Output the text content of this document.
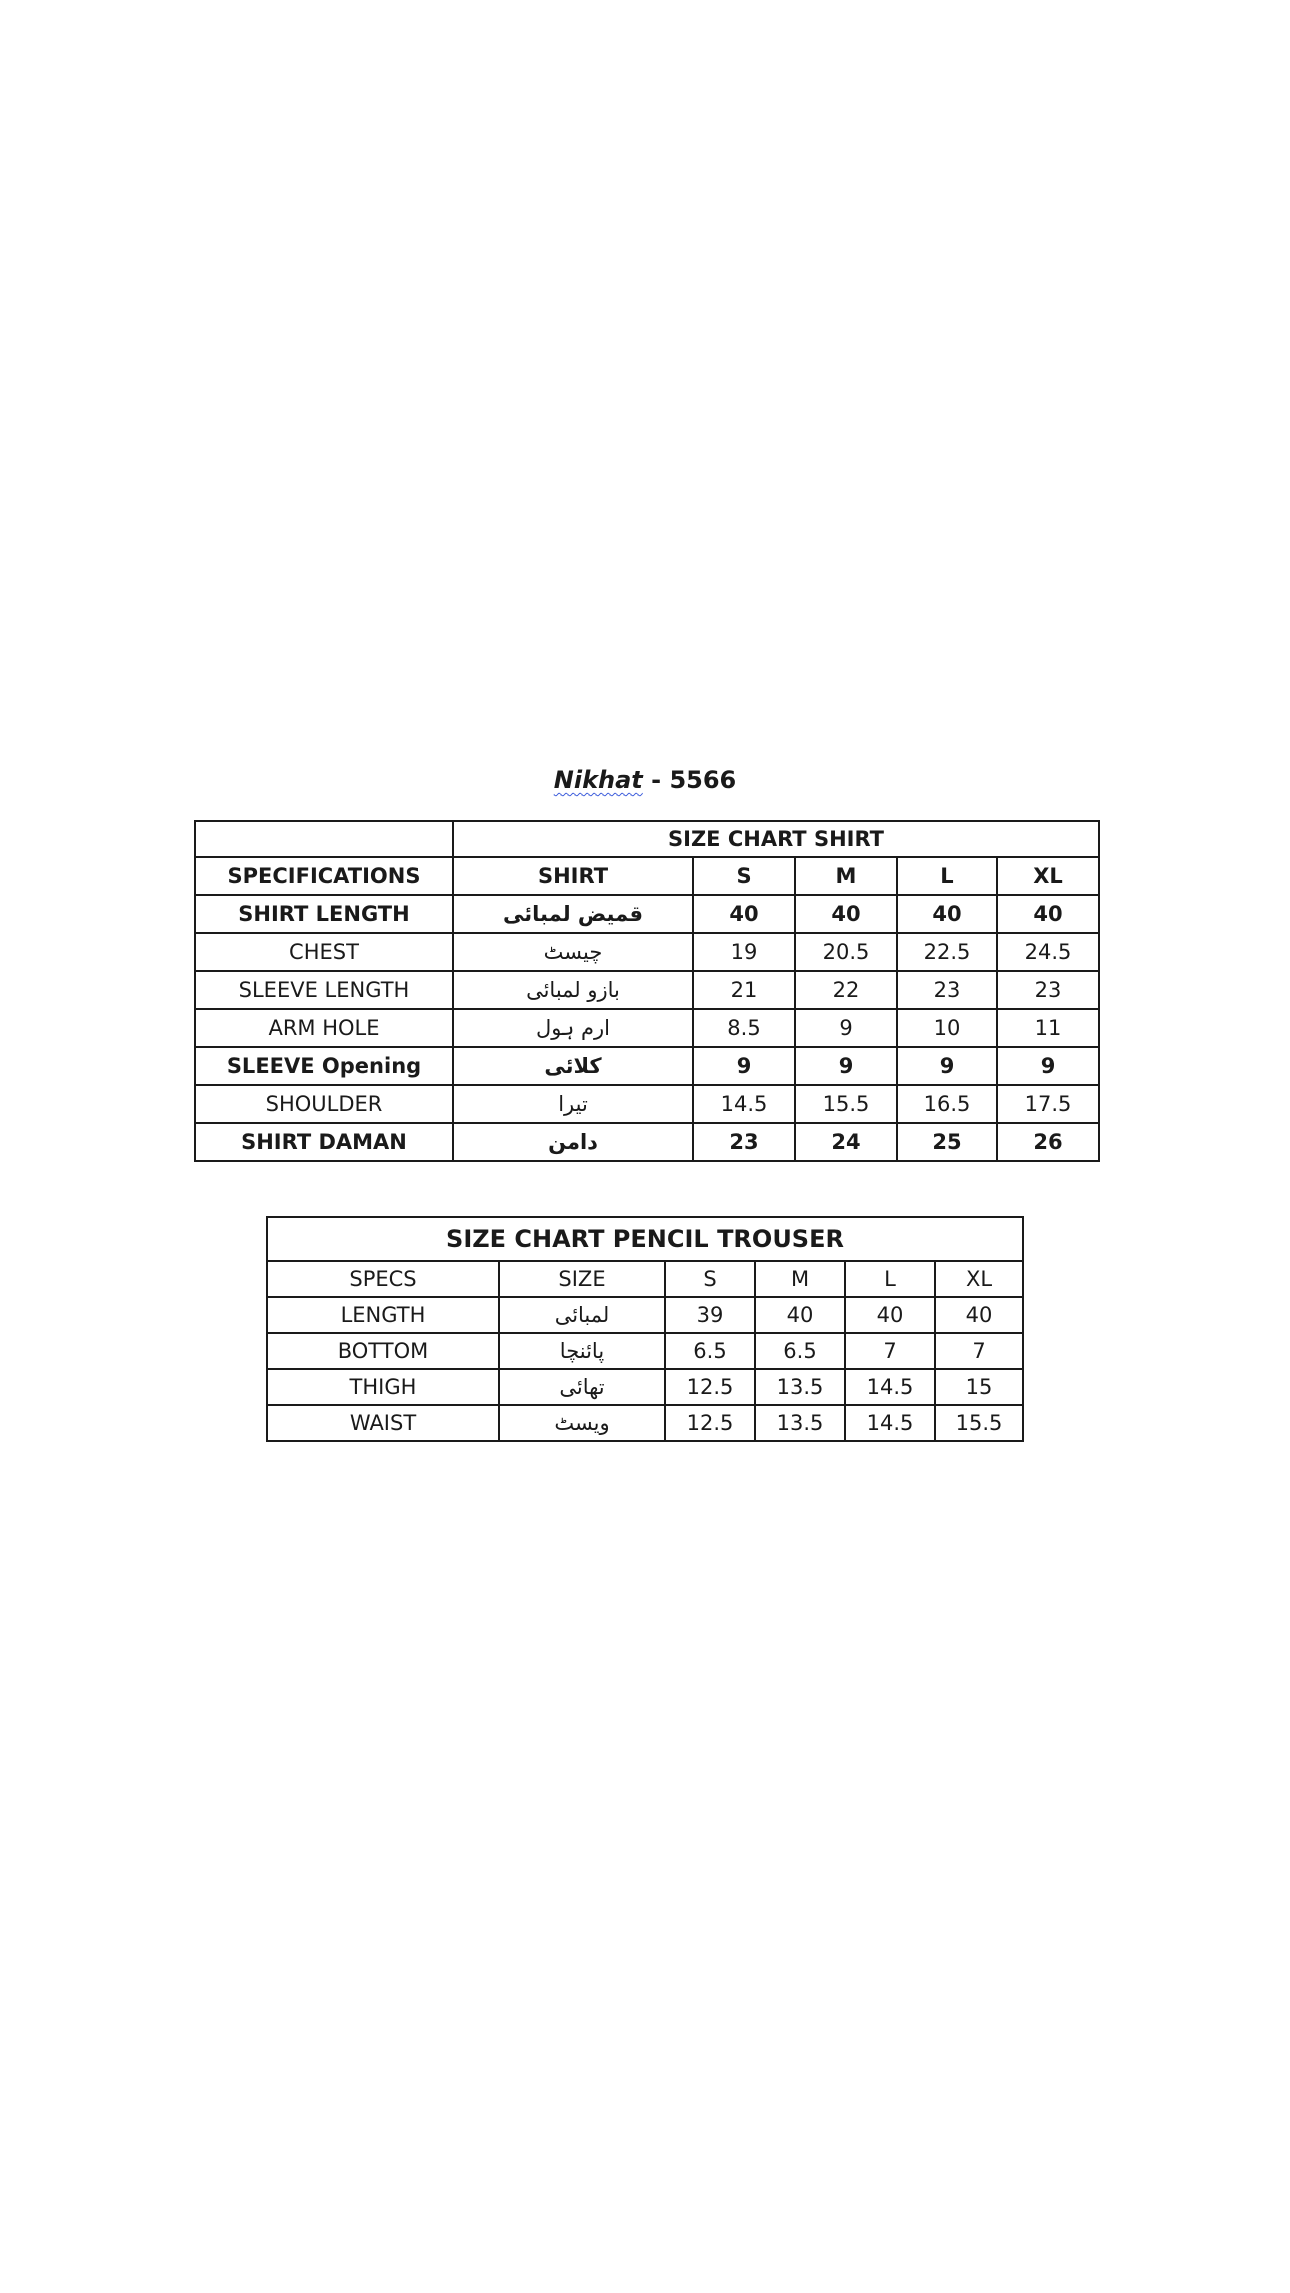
Nikhat - 5566
	SIZE CHART SHIRT				
SPECIFICATIONS	SHIRT	S	M	L	XL
SHIRT LENGTH	قمیض لمبائی	40	40	40	40
CHEST	چیسٹ	19	20.5	22.5	24.5
SLEEVE LENGTH	بازو لمبائی	21	22	23	23
ARM HOLE	ارم ہول	8.5	9	10	11
SLEEVE Opening	کلائی	9	9	9	9
SHOULDER	تیرا	14.5	15.5	16.5	17.5
SHIRT DAMAN	دامن	23	24	25	26
SIZE CHART PENCIL TROUSER					
SPECS	SIZE	S	M	L	XL
LENGTH	لمبائی	39	40	40	40
BOTTOM	پائنچا	6.5	6.5	7	7
THIGH	تھائی	12.5	13.5	14.5	15
WAIST	ویسٹ	12.5	13.5	14.5	15.5
